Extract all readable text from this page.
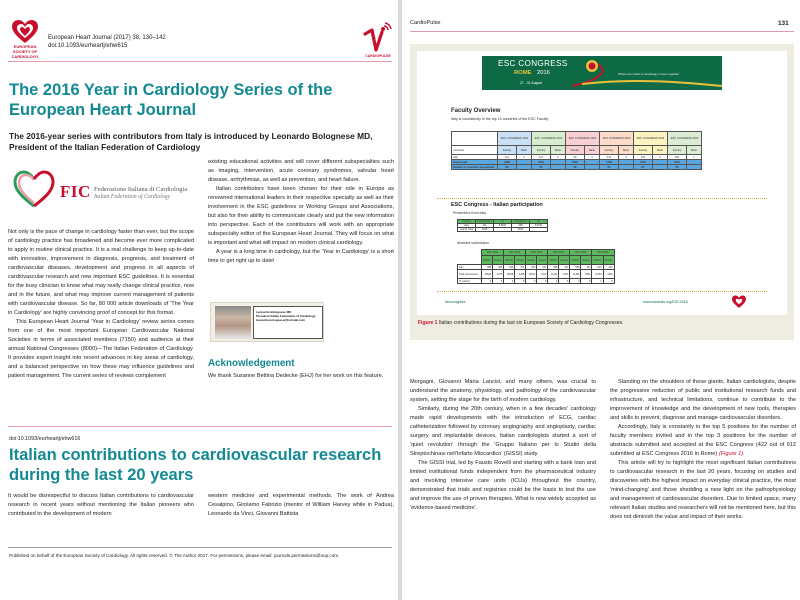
EUROPEAN SOCIETY OF CARDIOLOGY
European Heart Journal (2017) 38, 130–142
doi:10.1093/eurheartj/ehw615
CARDIOPULSE
The 2016 Year in Cardiology Series of the European Heart Journal
The 2016-year series with contributors from Italy is introduced by Leonardo Bolognese MD, President of the Italian Federation of Cardiology
FIC Federazione Italiana di Cardiologia
Italian Federation of Cardiology

Not only is the pace of change in cardiology faster than ever, but the scope of cardiology practice has broadened and become ever more complicated to apply in routine clinical practice. It is a real challenge to keep up-to-date with innovation, improvement in diagnosis, prognosis, and treatment of cardiovascular diseases, development and progress in all aspects of cardiovascular research and new important ESC guidelines. It is essential for the busy clinician to know what may really change clinical practice, now and in the future, and what may improve current management of patients with cardiovascular disease. So far, 80 000 article downloads of 'The Year in Cardiology' are highly convincing proof of concept for this format.

This European Heart Journal 'Year in Cardiology' review series comes from one of the most important European Cardiovascular National Societies in terms of associated members (7150) and audience at their annual National Congresses (8000)—The Italian Federation of Cardiology. It provides expert insight into recent advances in key areas of cardiology, and a balanced perspective on how these may influence guidelines and patient management. The current series of reviews complement

existing educational activities and will cover different subspecialties such as imaging, intervention, acute coronary syndromes, valvular heart disease, arrhythmias, as well as prevention, and heart failure.

Italian contributors have been chosen for their role in Europe as renowned international leaders in their respective specialty as well as their involvement in the ESC guidelines or Working Groups and Associations, but also for their ability to communicate clearly and put the new information into perspective. Each of the contributors will work with an appropriate subspecialty editor of the European Heart Journal. They will focus on what is important and what will impact on modern clinical cardiology.

A year is a long time in cardiology, but the 'Year in Cardiology' is a short time to get right up to date!

Leonardo Bolognese MD
President Italian Federation of Cardiology
leonardo.bolognese@hotmail.com
Acknowledgement

We thank Susanne Bettina Dedecke (EHJ) for her work on this feature.

doi:10.1093/eurheartj/ehw616
Italian contributions to cardiovascular research during the last 20 years

It would be disrespectful to discuss Italian contributions to cardiovascular research in recent years without mentioning the Italian pioneers who contributed to the development of modern

western medicine and experimental methods. The work of Andrea Cesalpino, Girolamo Fabrizio (mentor of William Harvey while in Padua), Leonardo da Vinci, Giovanni Battista

Published on behalf of the European Society of Cardiology. All rights reserved. © The Author 2017. For permissions, please email: journals.permissions@oup.com.
CardioPulse	131
ESC CONGRESS
ROME 2016
27 - 31 August
Where the world of cardiology comes together
Faculty Overview
Italy is consistently in the top 10 countries of the ESC Faculty
	ESC CONGRESS 2011		ESC CONGRESS 2012		ESC CONGRESS 2013		ESC CONGRESS 2014		ESC CONGRESS 2015		ESC CONGRESS 2016	
Countries	Faculty	Rank	Faculty	Rank	Faculty	Rank	Faculty	Rank	Faculty	Rank	Faculty	Rank
Italy	111	4	127	2	99	3	141	3	132	3	184	1
Grand total	1098		1305		1084		1468		1540		1331	
Number of countries represented	56		60		58		60		67		58	
ESC Congress - Italian participation
Presenters from Italy
Country	# Presenters	%	# Abstracts	%
Italy	111	8.82%	468	9.54%
Grand Total	1258		4911	
Abstract submission
	ESC 2011		ESC 2012		ESC 2013		ESC 2014		ESC 2015		ESC 2016	
	Submit.	Accept.	Submit.	Accept.	Submit.	Accept.	Submit.	Accept.	Submit.	Accept.	Submit.	Accept.
Italy	998	395	966	373	953	327	998	397	956	362	912	422
Total submissions	10826	4275	10628	4228	10972	4112	11444	4207	11391	4501	11333	4329
IT position	3	5	3	5	3	5	2	5	3	5	2	5
#escongress	www.escardio.org/ESC2016
Figure 1 Italian contributions during the last six European Society of Cardiology Congresses.

Morgagni, Giovanni Maria Lancisi, and many others, was crucial to understand the anatomy, physiology, and pathology of the cardiovascular system, setting the stage for the birth of modern cardiology.

Similarly, during the 20th century, when in a few decades' cardiology made rapid developments with the introduction of ECG, cardiac catheterization followed by coronary angiography and angioplasty, cardiac surgery and implantable devices, Italian cardiologists started a sort of 'quiet revolution' through the 'Gruppo Italiano per lo Studio della Streptochinasi nell'Infarto Miocardico' (GISSI) study.

The GISSI trial, led by Fausto Rovelli and starting with a bank loan and limited institutional funds independent from the pharmaceutical industry and involving intensive care units (ICUs) throughout the country, demonstrated that trials and registries could be the basis to test the use and improve the use of proven therapies. What is now widely accepted as 'evidence-based medicine'.

Standing on the shoulders of these giants, Italian cardiologists, despite the progressive reduction of public and institutional research funds and infrastructure, and technical limitations, continue to contribute to the improvement of knowledge and the development of new tools, therapies and skills to prevent, diagnose and manage cardiovascular disorders.

Accordingly, Italy is constantly in the top 5 positions for the number of faculty members invited and in the top 3 positions for the number of abstracts submitted and accepted at the ESC Congress (422 out of 912 submitted at ESC Congress 2016 in Rome) (Figure 1).

This article will try to highlight the most significant Italian contributions to cardiovascular research in the last 20 years, focusing on studies and discoveries with the highest impact on everyday clinical practice, the most 'mind-changing' and those shedding a new light on the pathophysiology and management of cardiovascular disorders. Due to limited space, many relevant Italian studies and researchers will not be mentioned here, but this does not diminish the value and impact of their works.
